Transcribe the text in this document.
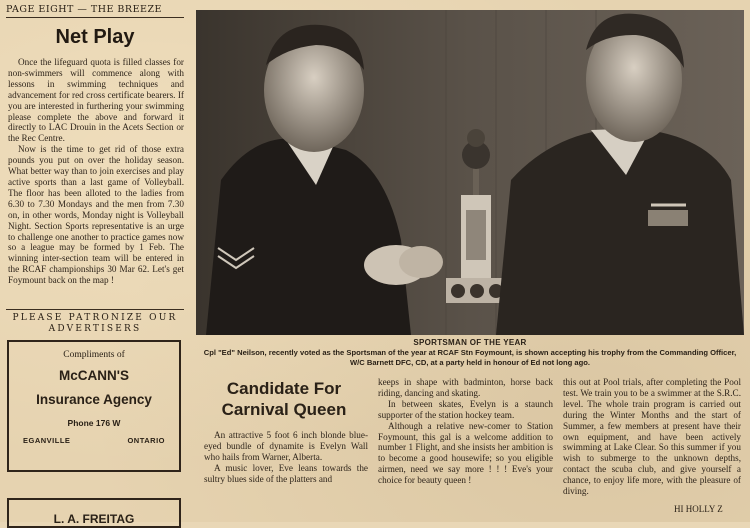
PAGE EIGHT — THE BREEZE
Net Play

Once the lifeguard quota is filled classes for non-swimmers will commence along with lessons in swimming techniques and advancement for red cross certificate bearers. If you are interested in furthering your swimming please complete the above and forward it directly to LAC Drouin in the Acets Section or the Rec Centre.

Now is the time to get rid of those extra pounds you put on over the holiday season. What better way than to join exercises and play active sports than a last game of Volleyball. The floor has been alloted to the ladies from 6.30 to 7.30 Mondays and the men from 7.30 on, in other words, Monday night is Volleyball Night. Section Sports representative is an urge to challenge one another to practice games now so a league may be formed by 1 Feb. The winning inter-section team will be entered in the RCAF championships 30 Mar 62. Let's get Foymount back on the map !

PLEASE PATRONIZE OUR ADVERTISERS
Compliments of
McCANN'S
Insurance Agency
Phone 176 W
EGANVILLE	ONTARIO
L. A. FREITAG
SPORTSMAN OF THE YEAR
Cpl "Ed" Neilson, recently voted as the Sportsman of the year at RCAF Stn Foymount, is shown accepting his trophy from the Commanding Officer, W/C Barnett DFC, CD, at a party held in honour of Ed not long ago.
Candidate For
Carnival Queen

An attractive 5 foot 6 inch blonde blue-eyed bundle of dynamite is Evelyn Wall who hails from Warner, Alberta.

A music lover, Eve leans towards the sultry blues side of the platters and

keeps in shape with badminton, horse back riding, dancing and skating.

In between skates, Evelyn is a staunch supporter of the station hockey team.

Although a relative new-comer to Station Foymount, this gal is a welcome addition to number 1 Flight, and she insists her ambition is to become a good housewife; so you eligible airmen, need we say more ! ! ! Eve's your choice for beauty queen !

this out at Pool trials, after completing the Pool test. We train you to be a swimmer at the S.R.C. level. The whole train program is carried out during the Winter Months and the start of Summer, a few members at present have their own equipment, and have been actively swimming at Lake Clear. So this summer if you wish to submerge to the unknown depths, contact the scuba club, and give yourself a chance, to enjoy life more, with the pleasure of diving.

HI HOLLY Z
